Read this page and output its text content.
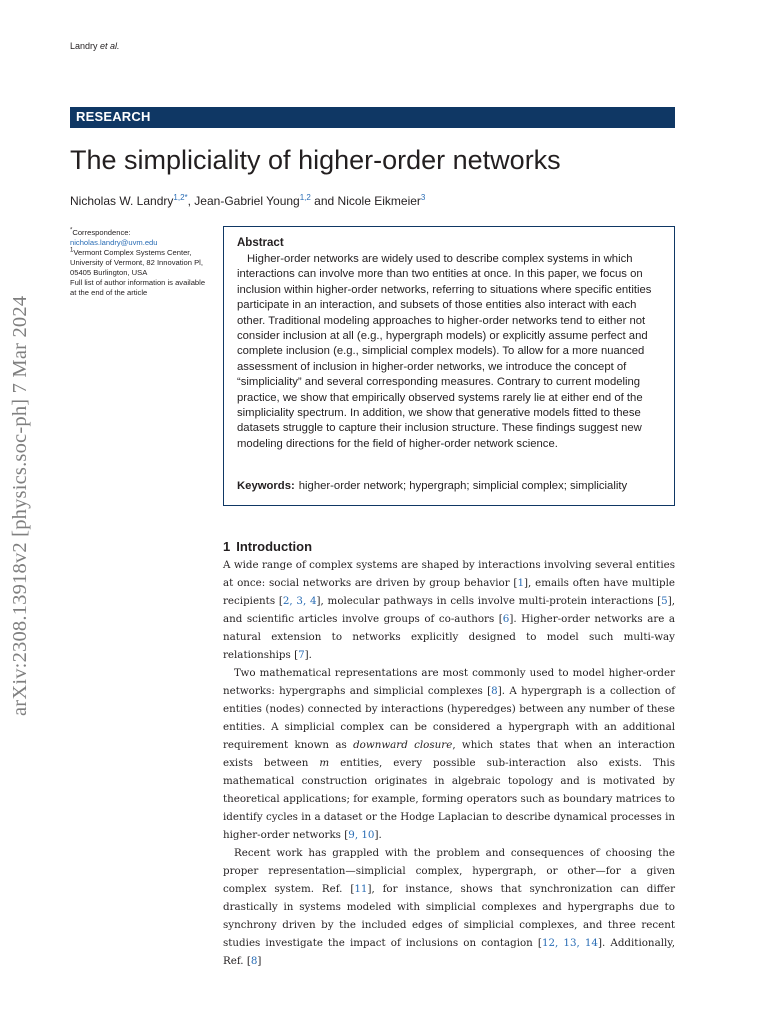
Landry et al.
RESEARCH
The simpliciality of higher-order networks
Nicholas W. Landry$^{1,2*}$, Jean-Gabriel Young$^{1,2}$ and Nicole Eikmeier$^3$
*Correspondence:
nicholas.landry@uvm.edu
$^1$Vermont Complex Systems Center, University of Vermont, 82 Innovation Pl, 05405 Burlington, USA
Full list of author information is available at the end of the article
Abstract
Higher-order networks are widely used to describe complex systems in which interactions can involve more than two entities at once. In this paper, we focus on inclusion within higher-order networks, referring to situations where specific entities participate in an interaction, and subsets of those entities also interact with each other. Traditional modeling approaches to higher-order networks tend to either not consider inclusion at all (e.g., hypergraph models) or explicitly assume perfect and complete inclusion (e.g., simplicial complex models). To allow for a more nuanced assessment of inclusion in higher-order networks, we introduce the concept of “simpliciality” and several corresponding measures. Contrary to current modeling practice, we show that empirically observed systems rarely lie at either end of the simpliciality spectrum. In addition, we show that generative models fitted to these datasets struggle to capture their inclusion structure. These findings suggest new modeling directions for the field of higher-order network science.
Keywords: higher-order network; hypergraph; simplicial complex; simpliciality
arXiv:2308.13918v2 [physics.soc-ph] 7 Mar 2024	1 Introduction
A wide range of complex systems are shaped by interactions involving several entities at once: social networks are driven by group behavior [1], emails often have multiple recipients [2, 3, 4], molecular pathways in cells involve multi-protein interactions [5], and scientific articles involve groups of co-authors [6]. Higher-order networks are a natural extension to networks explicitly designed to model such multi-way relationships [7].
Two mathematical representations are most commonly used to model higher-order networks: hypergraphs and simplicial complexes [8]. A hypergraph is a collection of entities (nodes) connected by interactions (hyperedges) between any number of these entities. A simplicial complex can be considered a hypergraph with an additional requirement known as downward closure, which states that when an interaction exists between m entities, every possible sub-interaction also exists. This mathematical construction originates in algebraic topology and is motivated by theoretical applications; for example, forming operators such as boundary matrices to identify cycles in a dataset or the Hodge Laplacian to describe dynamical processes in higher-order networks [9, 10].
Recent work has grappled with the problem and consequences of choosing the proper representation—simplicial complex, hypergraph, or other—for a given complex system. Ref. [11], for instance, shows that synchronization can differ drastically in systems modeled with simplicial complexes and hypergraphs due to synchrony driven by the included edges of simplicial complexes, and three recent studies investigate the impact of inclusions on contagion [12, 13, 14]. Additionally, Ref. [8]
